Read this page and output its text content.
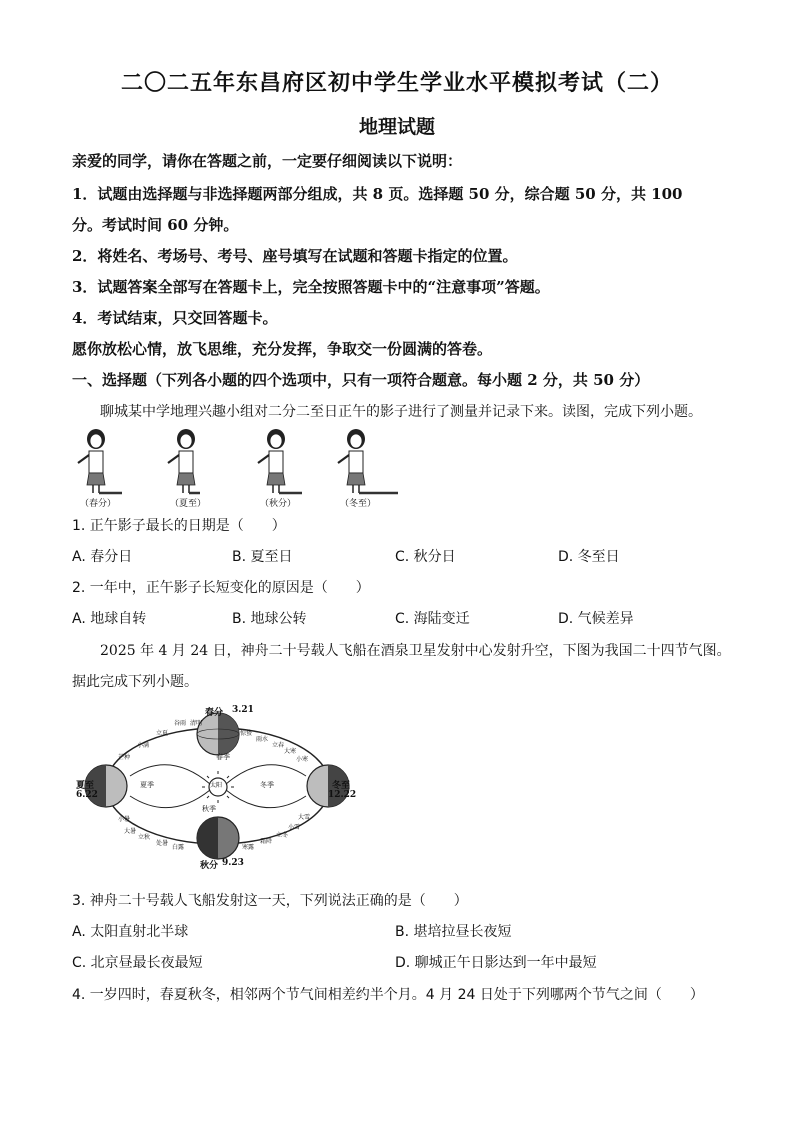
二〇二五年东昌府区初中学生学业水平模拟考试（二）
地理试题
亲爱的同学，请你在答题之前，一定要仔细阅读以下说明：
1．试题由选择题与非选择题两部分组成，共 8 页。选择题 50 分，综合题 50 分，共 100
分。考试时间 60 分钟。
2．将姓名、考场号、考号、座号填写在试题和答题卡指定的位置。
3．试题答案全部写在答题卡上，完全按照答题卡中的“注意事项”答题。
4．考试结束，只交回答题卡。
愿你放松心情，放飞思维，充分发挥，争取交一份圆满的答卷。
一、选择题（下列各小题的四个选项中，只有一项符合题意。每小题 2 分，共 50 分）
聊城某中学地理兴趣小组对二分二至日正午的影子进行了测量并记录下来。读图，完成下列小题。
（春分）	（夏至）	（秋分）	（冬至）
1. 正午影子最长的日期是（　　）
A. 春分日	B. 夏至日	C. 秋分日	D. 冬至日
2. 一年中，正午影子长短变化的原因是（　　）
A. 地球自转	B. 地球公转	C. 海陆变迁	D. 气候差异
2025 年 4 月 24 日，神舟二十号载人飞船在酒泉卫星发射中心发射升空，下图为我国二十四节气图。
据此完成下列小题。
春分 3.21
夏至
6.22
冬至
12.22
秋分 9.23
太阳
春季
夏季
秋季
冬季
谷雨 清明
立夏
小满
芒种
惊蛰
雨水
立春
大寒
小寒
小暑
大暑
立秋
处暑
白露	寒露
霜降
立冬
小雪
大雪
3. 神舟二十号载人飞船发射这一天，下列说法正确的是（　　）
A. 太阳直射北半球	B. 堪培拉昼长夜短
C. 北京昼最长夜最短	D. 聊城正午日影达到一年中最短
4. 一岁四时，春夏秋冬，相邻两个节气间相差约半个月。4 月 24 日处于下列哪两个节气之间（　　）
